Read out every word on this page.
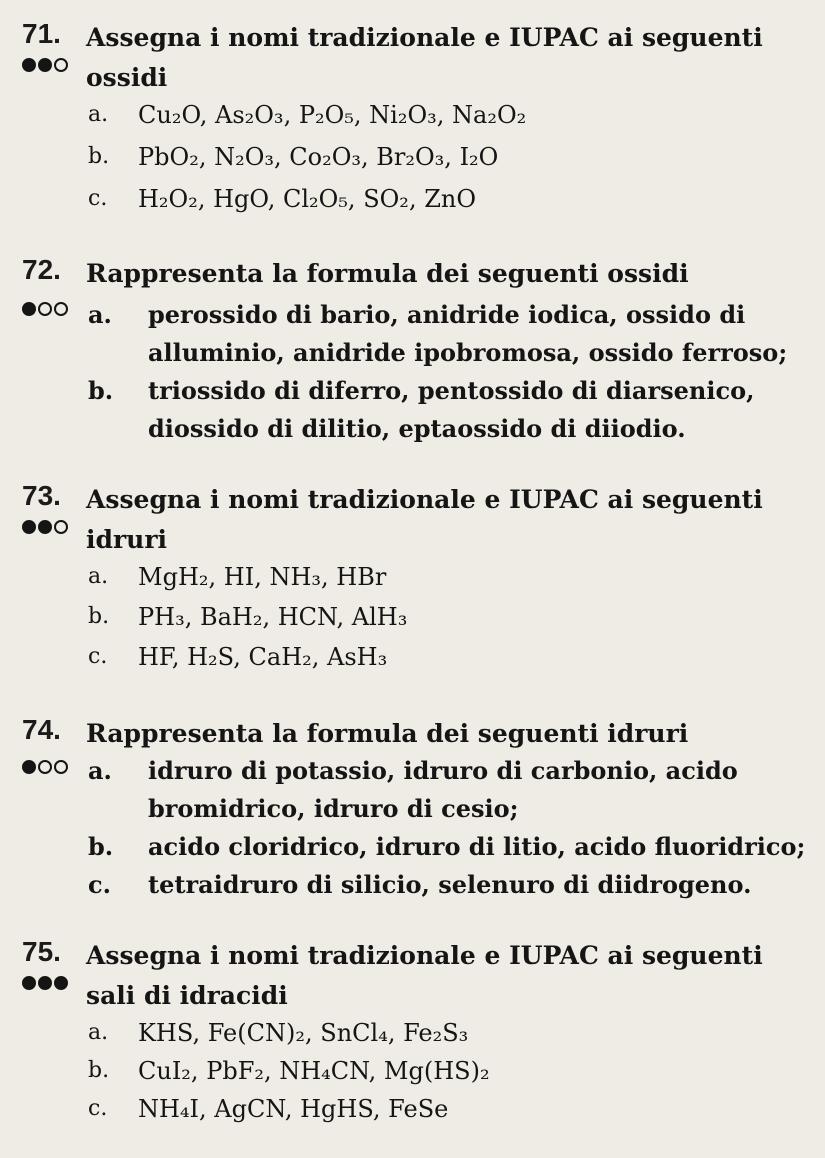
71. Assegna i nomi tradizionale e IUPAC ai seguenti
ossidi
a. Cu₂O, As₂O₃, P₂O₅, Ni₂O₃, Na₂O₂
b. PbO₂, N₂O₃, Co₂O₃, Br₂O₃, I₂O
c. H₂O₂, HgO, Cl₂O₅, SO₂, ZnO
72. Rappresenta la formula dei seguenti ossidi
a. perossido di bario, anidride iodica, ossido di
alluminio, anidride ipobromosa, ossido ferroso;
b. triossido di diferro, pentossido di diarsenico,
diossido di dilitio, eptaossido di diiodio.
73. Assegna i nomi tradizionale e IUPAC ai seguenti
idruri
a. MgH₂, HI, NH₃, HBr
b. PH₃, BaH₂, HCN, AlH₃
c. HF, H₂S, CaH₂, AsH₃
74. Rappresenta la formula dei seguenti idruri
a. idruro di potassio, idruro di carbonio, acido
bromidrico, idruro di cesio;
b. acido cloridrico, idruro di litio, acido fluoridrico;
c. tetraidruro di silicio, selenuro di diidrogeno.
75. Assegna i nomi tradizionale e IUPAC ai seguenti
sali di idracidi
a. KHS, Fe(CN)₂, SnCl₄, Fe₂S₃
b. CuI₂, PbF₂, NH₄CN, Mg(HS)₂
c. NH₄I, AgCN, HgHS, FeSe
